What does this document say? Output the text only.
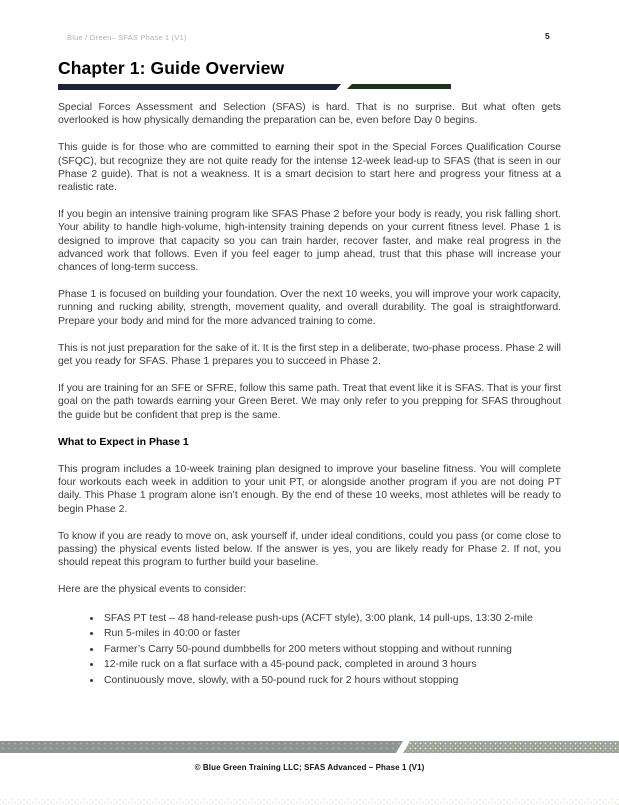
Blue / Green– SFAS Phase 1 (V1)	5
Chapter 1: Guide Overview

Special Forces Assessment and Selection (SFAS) is hard. That is no surprise. But what often gets overlooked is how physically demanding the preparation can be, even before Day 0 begins.

This guide is for those who are committed to earning their spot in the Special Forces Qualification Course (SFQC), but recognize they are not quite ready for the intense 12-week lead-up to SFAS (that is seen in our Phase 2 guide). That is not a weakness. It is a smart decision to start here and progress your fitness at a realistic rate.

If you begin an intensive training program like SFAS Phase 2 before your body is ready, you risk falling short. Your ability to handle high-volume, high-intensity training depends on your current fitness level. Phase 1 is designed to improve that capacity so you can train harder, recover faster, and make real progress in the advanced work that follows. Even if you feel eager to jump ahead, trust that this phase will increase your chances of long-term success.

Phase 1 is focused on building your foundation. Over the next 10 weeks, you will improve your work capacity, running and rucking ability, strength, movement quality, and overall durability. The goal is straightforward. Prepare your body and mind for the more advanced training to come.

This is not just preparation for the sake of it. It is the first step in a deliberate, two-phase process. Phase 2 will get you ready for SFAS. Phase 1 prepares you to succeed in Phase 2.

If you are training for an SFE or SFRE, follow this same path. Treat that event like it is SFAS. That is your first goal on the path towards earning your Green Beret. We may only refer to you prepping for SFAS throughout the guide but be confident that prep is the same.

What to Expect in Phase 1

This program includes a 10-week training plan designed to improve your baseline fitness. You will complete four workouts each week in addition to your unit PT, or alongside another program if you are not doing PT daily. This Phase 1 program alone isn’t enough. By the end of these 10 weeks, most athletes will be ready to begin Phase 2.

To know if you are ready to move on, ask yourself if, under ideal conditions, could you pass (or come close to passing) the physical events listed below. If the answer is yes, you are likely ready for Phase 2. If not, you should repeat this program to further build your baseline.

Here are the physical events to consider:

• SFAS PT test – 48 hand-release push-ups (ACFT style), 3:00 plank, 14 pull-ups, 13:30 2-mile
• Run 5-miles in 40:00 or faster
• Farmer’s Carry 50-pound dumbbells for 200 meters without stopping and without running
• 12-mile ruck on a flat surface with a 45-pound pack, completed in around 3 hours
• Continuously move, slowly, with a 50-pound ruck for 2 hours without stopping
© Blue Green Training LLC; SFAS Advanced – Phase 1 (V1)
